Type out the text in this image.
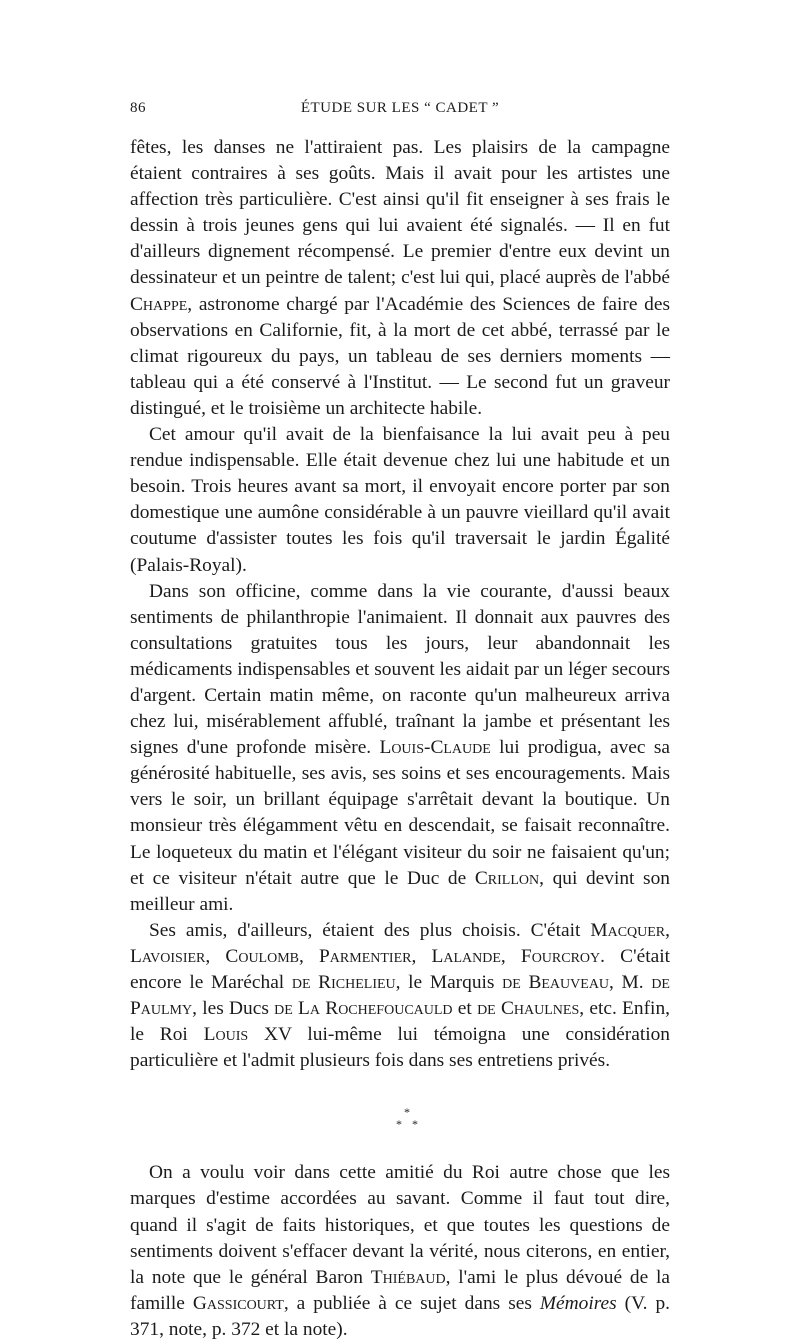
86	ÉTUDE SUR LES “ CADET ”

fêtes, les danses ne l'attiraient pas. Les plaisirs de la campagne étaient contraires à ses goûts. Mais il avait pour les artistes une affection très particulière. C'est ainsi qu'il fit enseigner à ses frais le dessin à trois jeunes gens qui lui avaient été signalés. — Il en fut d'ailleurs dignement récompensé. Le premier d'entre eux devint un dessinateur et un peintre de talent; c'est lui qui, placé auprès de l'abbé Chappe, astronome chargé par l'Académie des Sciences de faire des observations en Californie, fit, à la mort de cet abbé, terrassé par le climat rigoureux du pays, un tableau de ses derniers moments — tableau qui a été conservé à l'Institut. — Le second fut un graveur distingué, et le troisième un architecte habile.

Cet amour qu'il avait de la bienfaisance la lui avait peu à peu rendue indispensable. Elle était devenue chez lui une habitude et un besoin. Trois heures avant sa mort, il envoyait encore porter par son domestique une aumône considérable à un pauvre vieillard qu'il avait coutume d'assister toutes les fois qu'il traversait le jardin Égalité (Palais-Royal).

Dans son officine, comme dans la vie courante, d'aussi beaux sentiments de philanthropie l'animaient. Il donnait aux pauvres des consultations gratuites tous les jours, leur abandonnait les médicaments indispensables et souvent les aidait par un léger secours d'argent. Certain matin même, on raconte qu'un malheureux arriva chez lui, misérablement affublé, traînant la jambe et présentant les signes d'une profonde misère. Louis-Claude lui prodigua, avec sa générosité habituelle, ses avis, ses soins et ses encouragements. Mais vers le soir, un brillant équipage s'arrêtait devant la boutique. Un monsieur très élégamment vêtu en descendait, se faisait reconnaître. Le loqueteux du matin et l'élégant visiteur du soir ne faisaient qu'un; et ce visiteur n'était autre que le Duc de Crillon, qui devint son meilleur ami.

Ses amis, d'ailleurs, étaient des plus choisis. C'était Macquer, Lavoisier, Coulomb, Parmentier, Lalande, Fourcroy. C'était encore le Maréchal de Richelieu, le Marquis de Beauveau, M. de Paulmy, les Ducs de La Rochefoucauld et de Chaulnes, etc. Enfin, le Roi Louis XV lui-même lui témoigna une considération particulière et l'admit plusieurs fois dans ses entretiens privés.

*
* *

On a voulu voir dans cette amitié du Roi autre chose que les marques d'estime accordées au savant. Comme il faut tout dire, quand il s'agit de faits historiques, et que toutes les questions de sentiments doivent s'effacer devant la vérité, nous citerons, en entier, la note que le général Baron Thiébaud, l'ami le plus dévoué de la famille Gassicourt, a publiée à ce sujet dans ses Mémoires (V. p. 371, note, p. 372 et la note).
